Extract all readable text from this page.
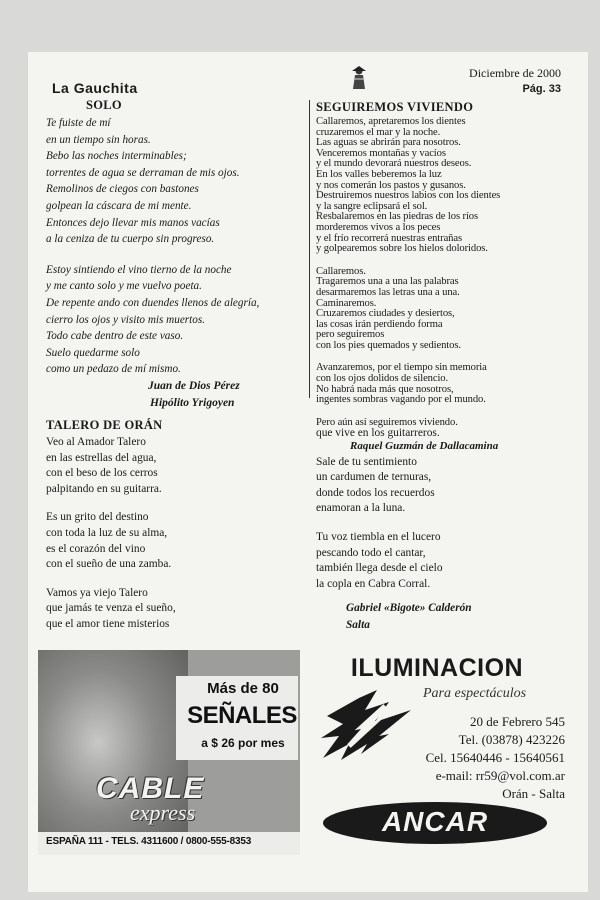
La Gauchita
Diciembre de 2000
Pág. 33
SOLO
Te fuiste de mí
en un tiempo sin horas.
Bebo las noches interminables;
torrentes de agua se derraman de mis ojos.
Remolinos de ciegos con bastones
golpean la cáscara de mi mente.
Entonces dejo llevar mis manos vacías
a la ceniza de tu cuerpo sin progreso.
Estoy sintiendo el vino tierno de la noche
y me canto solo y me vuelvo poeta.
De repente ando con duendes llenos de alegría,
cierro los ojos y visito mis muertos.
Todo cabe dentro de este vaso.
Suelo quedarme solo
como un pedazo de mí mismo.
Juan de Dios Pérez
Hipólito Yrigoyen
SEGUIREMOS VIVIENDO
Callaremos, apretaremos los dientes
cruzaremos el mar y la noche.
Las aguas se abrirán para nosotros.
Venceremos montañas y vacíos
y el mundo devorará nuestros deseos.
En los valles beberemos la luz
y nos comerán los pastos y gusanos.
Destruiremos nuestros labios con los dientes
y la sangre eclipsará el sol.
Resbalaremos en las piedras de los ríos
morderemos vivos a los peces
y el frío recorrerá nuestras entrañas
y golpearemos sobre los hielos doloridos.
Callaremos.
Tragaremos una a una las palabras
desarmaremos las letras una a una.
Caminaremos.
Cruzaremos ciudades y desiertos,
las cosas irán perdiendo forma
pero seguiremos
con los pies quemados y sedientos.
Avanzaremos, por el tiempo sin memoria
con los ojos dolidos de silencio.
No habrá nada más que nosotros,
ingentes sombras vagando por el mundo.
Pero aún así seguiremos viviendo.
Raquel Guzmán de Dallacamina
TALERO DE ORÁN
Veo al Amador Talero
en las estrellas del agua,
con el beso de los cerros
palpitando en su guitarra.
Es un grito del destino
con toda la luz de su alma,
es el corazón del vino
con el sueño de una zamba.
Vamos ya viejo Talero
que jamás te venza el sueño,
que el amor tiene misterios
que vive en los guitarreros.
Sale de tu sentimiento
un cardumen de ternuras,
donde todos los recuerdos
enamoran a la luna.
Tu voz tiembla en el lucero
pescando todo el cantar,
también llega desde el cielo
la copla en Cabra Corral.
Gabriel «Bigote» Calderón
Salta
Más de 80
SEÑALES
a $ 26 por mes
CABLE
express
ESPAÑA 111 - TELS. 4311600 / 0800-555-8353
ILUMINACION
Para espectáculos
20 de Febrero 545
Tel. (03878) 423226
Cel. 15640446 - 15640561
e-mail: rr59@vol.com.ar
Orán - Salta
ANCAR
